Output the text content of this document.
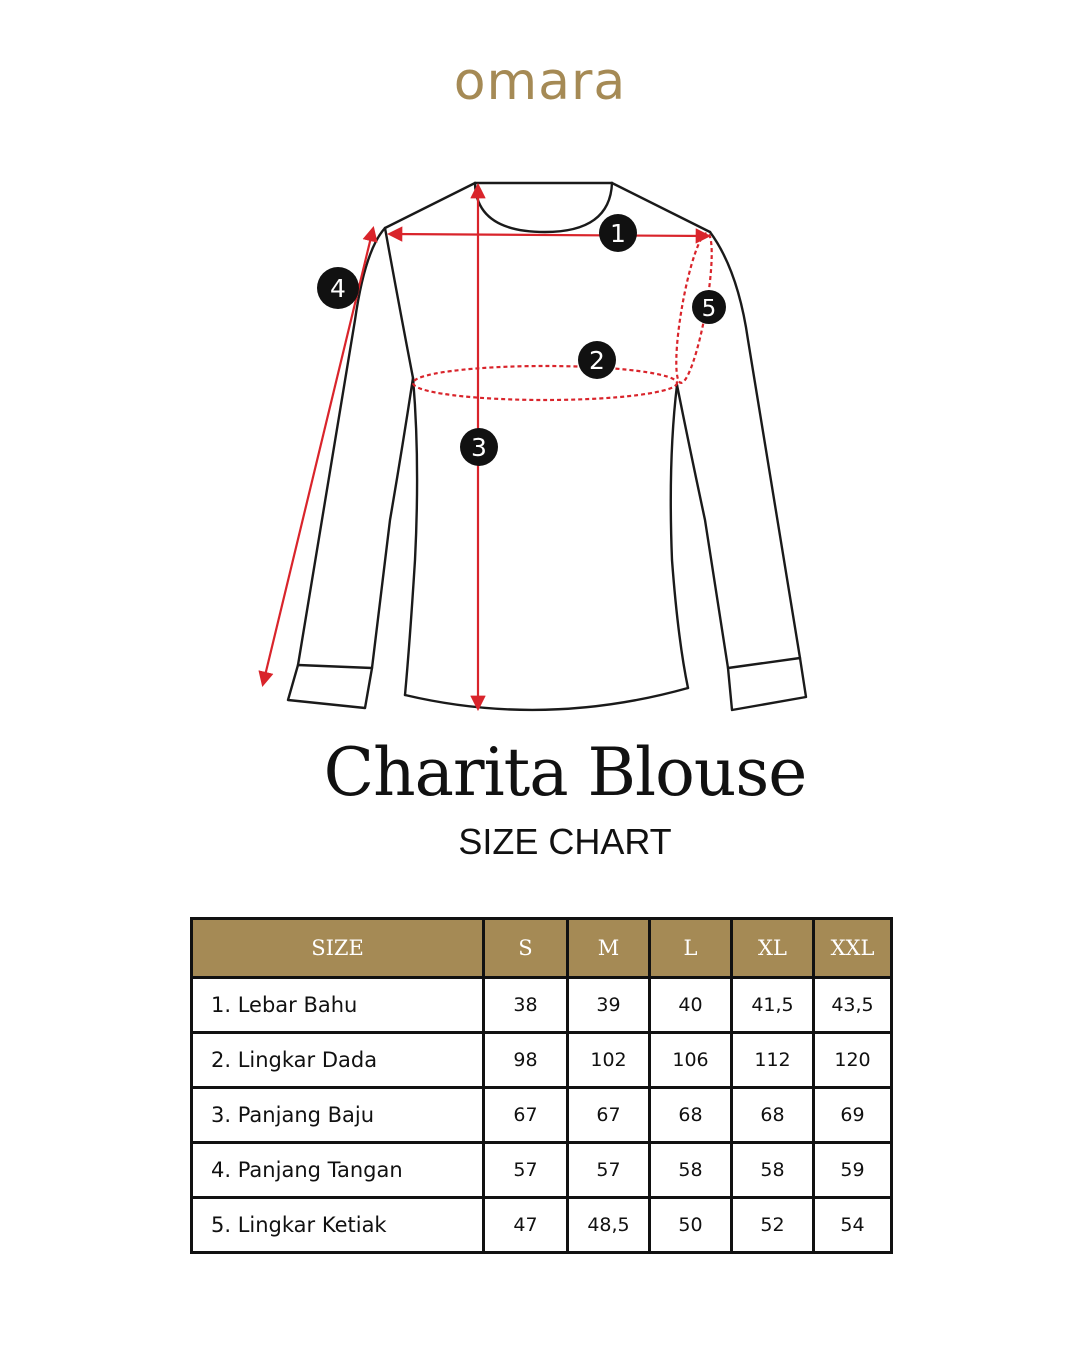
omara
1
2
3
4
5
Charita Blouse
SIZE CHART
SIZE	S	M	L	XL	XXL
1. Lebar Bahu	38	39	40	41,5	43,5
2. Lingkar Dada	98	102	106	112	120
3. Panjang Baju	67	67	68	68	69
4. Panjang Tangan	57	57	58	58	59
5. Lingkar Ketiak	47	48,5	50	52	54
